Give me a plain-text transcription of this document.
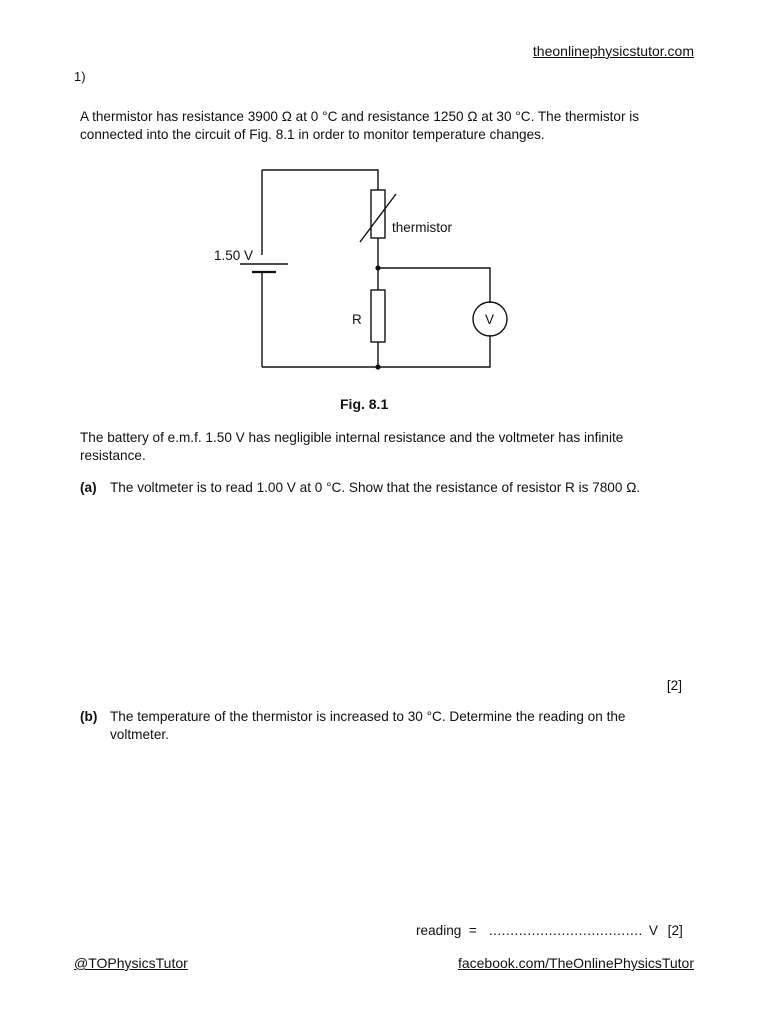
theonlinephysicstutor.com
1)
A thermistor has resistance 3900 Ω at 0 °C and resistance 1250 Ω at 30 °C. The thermistor is connected into the circuit of Fig. 8.1 in order to monitor temperature changes.
1.50 V
thermistor
R	V
Fig. 8.1
The battery of e.m.f. 1.50 V has negligible internal resistance and the voltmeter has infinite resistance.
(a) The voltmeter is to read 1.00 V at 0 °C. Show that the resistance of resistor R is 7800 Ω.
[2]
(b) The temperature of the thermistor is increased to 30 °C. Determine the reading on the voltmeter.
reading  = .................................... V [2]
@TOPhysicsTutor	facebook.com/TheOnlinePhysicsTutor
